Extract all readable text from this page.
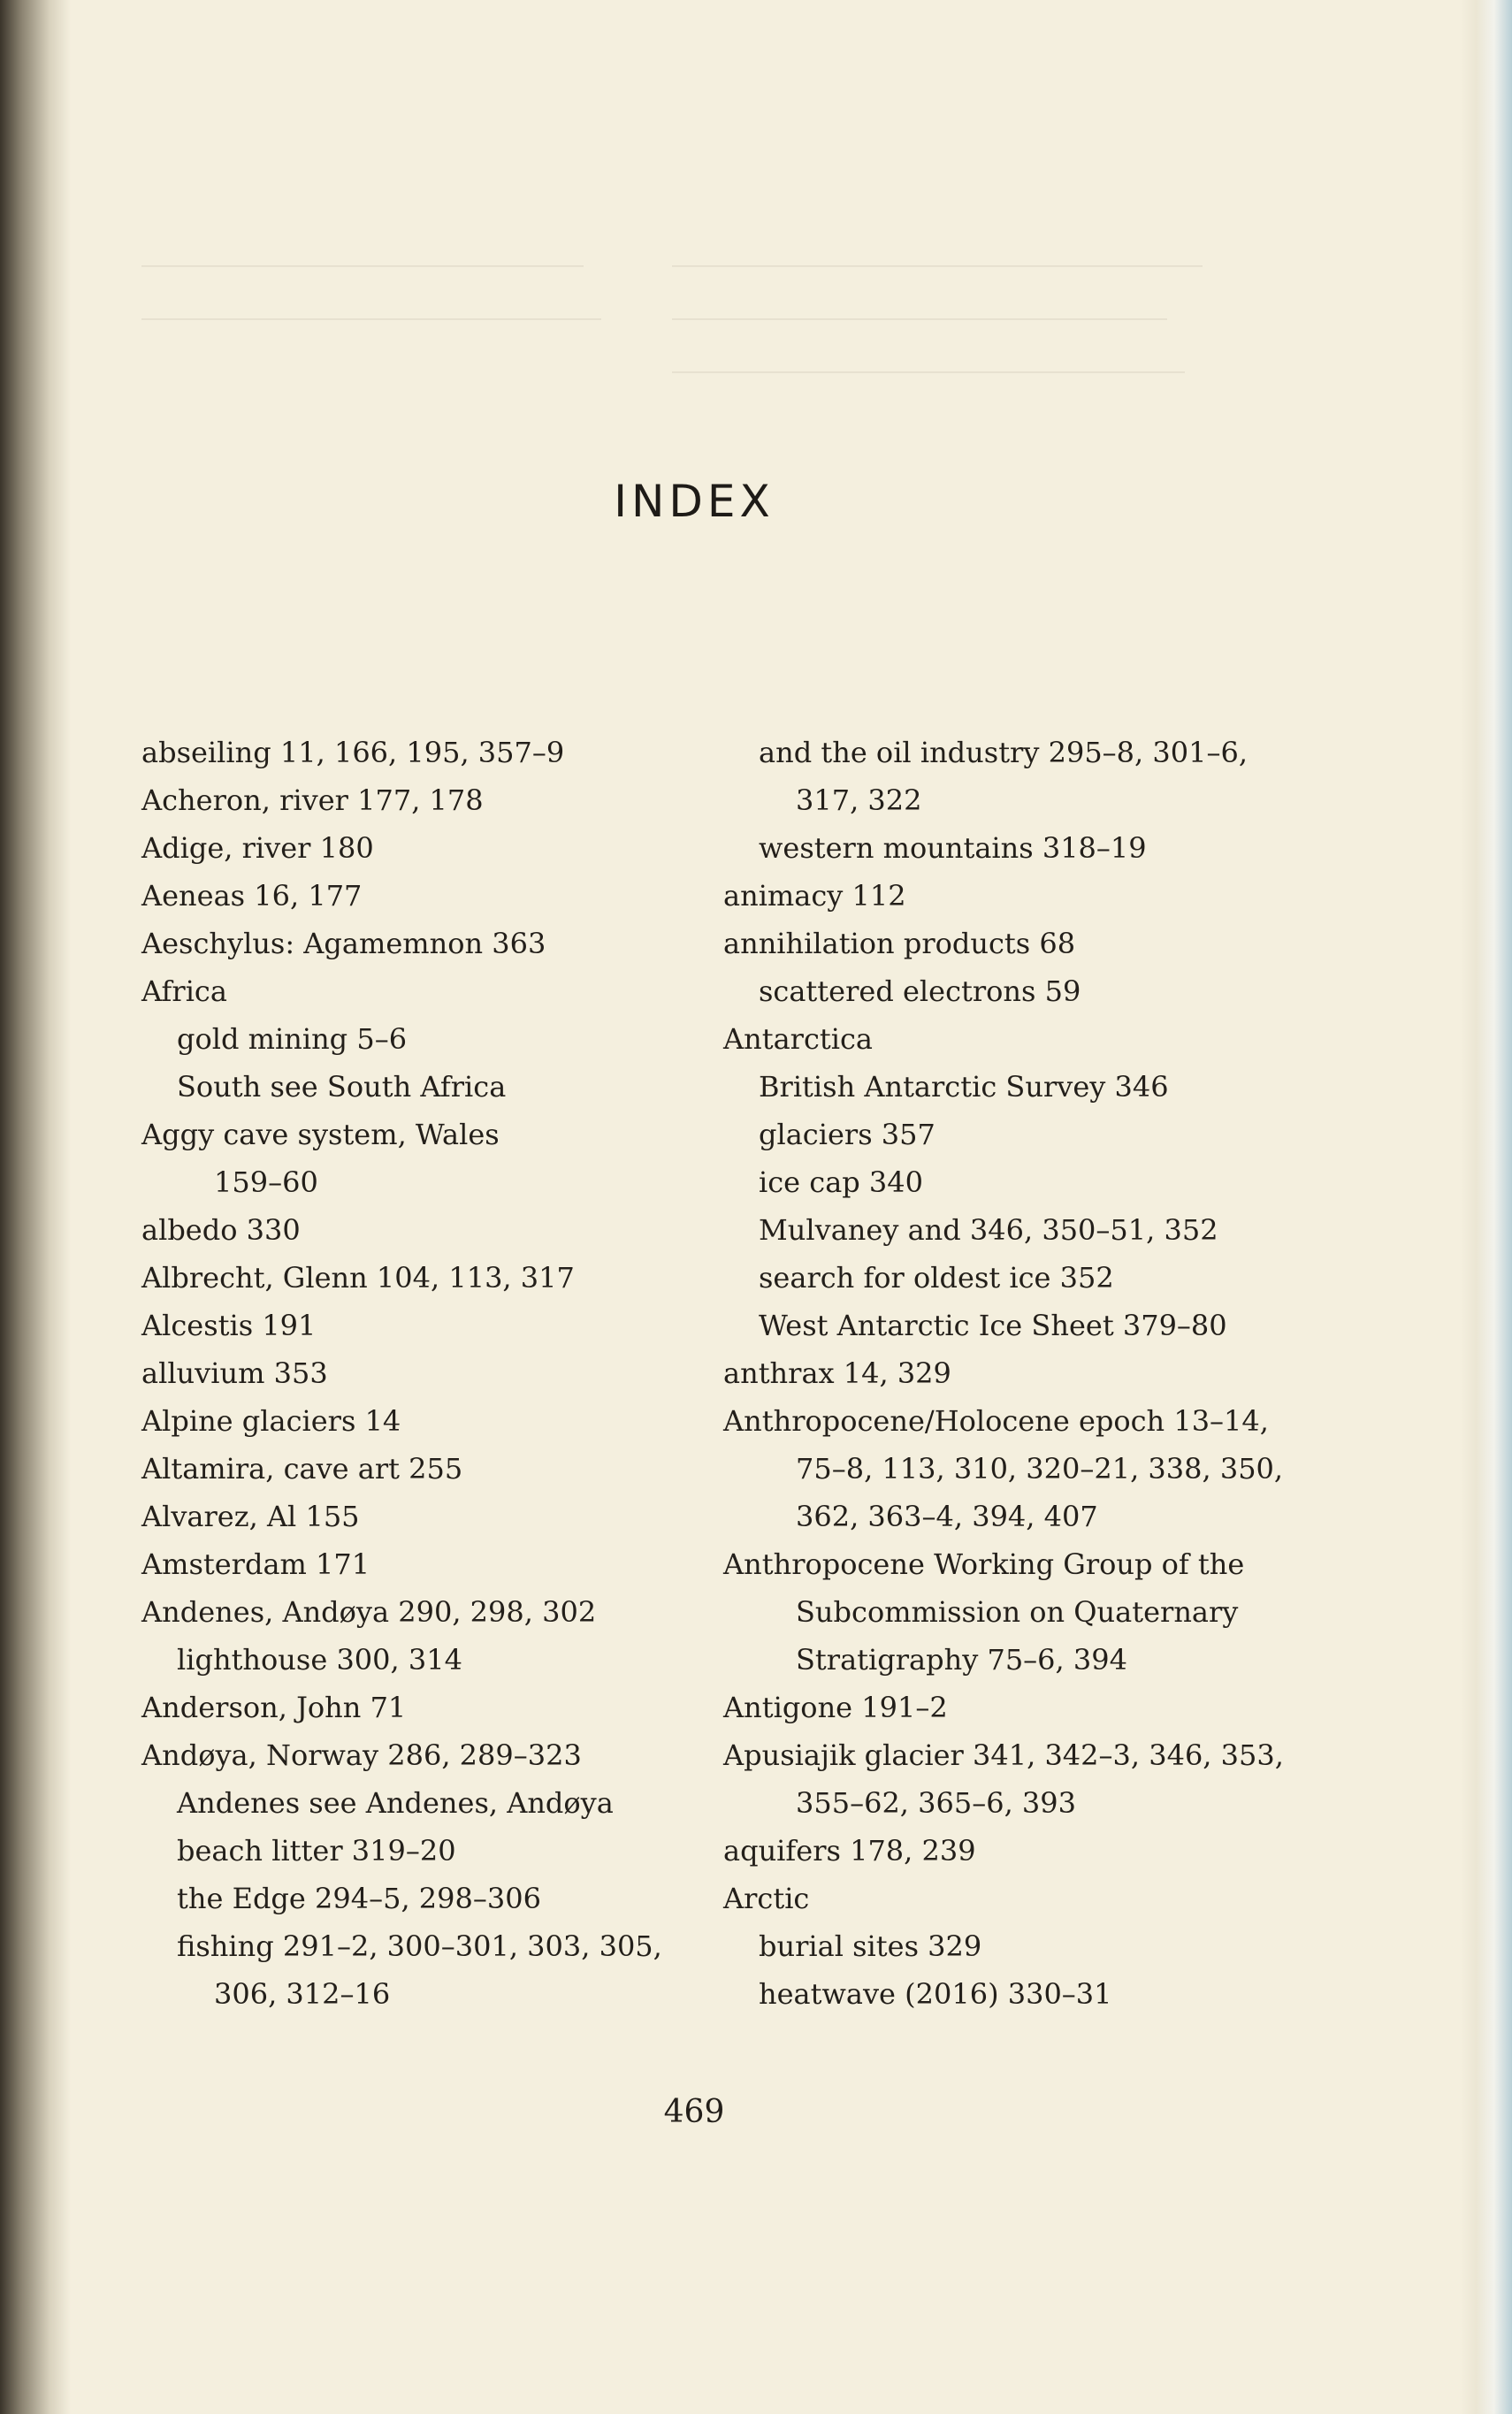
INDEX
abseiling 11, 166, 195, 357–9
Acheron, river 177, 178
Adige, river 180
Aeneas 16, 177
Aeschylus: Agamemnon 363
Africa
gold mining 5–6
South see South Africa
Aggy cave system, Wales
159–60
albedo 330
Albrecht, Glenn 104, 113, 317
Alcestis 191
alluvium 353
Alpine glaciers 14
Altamira, cave art 255
Alvarez, Al 155
Amsterdam 171
Andenes, Andøya 290, 298, 302
lighthouse 300, 314
Anderson, John 71
Andøya, Norway 286, 289–323
Andenes see Andenes, Andøya
beach litter 319–20
the Edge 294–5, 298–306
fishing 291–2, 300–301, 303, 305,
306, 312–16
and the oil industry 295–8, 301–6,
317, 322
western mountains 318–19
animacy 112
annihilation products 68
scattered electrons 59
Antarctica
British Antarctic Survey 346
glaciers 357
ice cap 340
Mulvaney and 346, 350–51, 352
search for oldest ice 352
West Antarctic Ice Sheet 379–80
anthrax 14, 329
Anthropocene/Holocene epoch 13–14,
75–8, 113, 310, 320–21, 338, 350,
362, 363–4, 394, 407
Anthropocene Working Group of the
Subcommission on Quaternary
Stratigraphy 75–6, 394
Antigone 191–2
Apusiajik glacier 341, 342–3, 346, 353,
355–62, 365–6, 393
aquifers 178, 239
Arctic
burial sites 329
heatwave (2016) 330–31
469
